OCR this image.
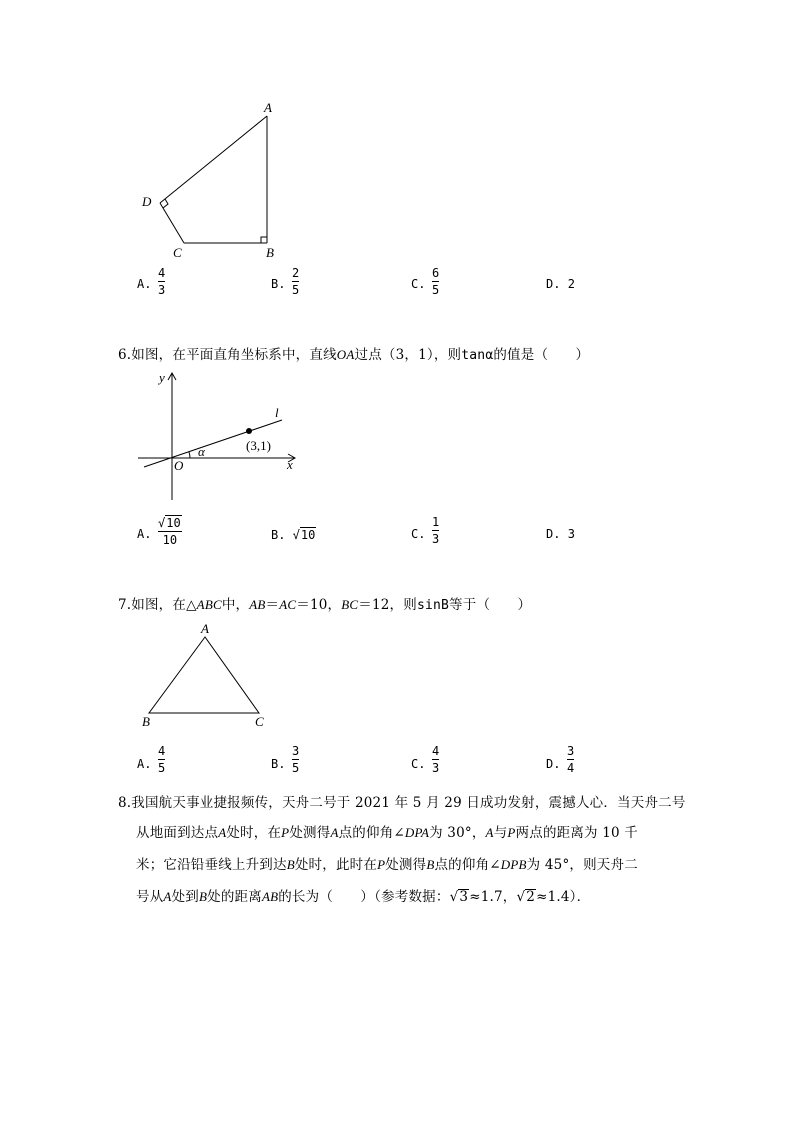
A
B
C
D
A.
4
3	B.
2
5	C.
6
5	D. 2
6.如图，在平面直角坐标系中，直线OA过点（3，1），则tanα的值是（　　）
y
x
O
α
l
(3,1)
A.
√10
10	B. √10	C.
1
3	D. 3
7.如图，在△ABC中，AB＝AC＝10，BC＝12，则sinB等于（　　）
A
B	C
A.
4
5	B.
3
5	C.
4
3	D.
3
4
8.我国航天事业捷报频传，天舟二号于 2021 年 5 月 29 日成功发射，震撼人心．当天舟二号
从地面到达点A处时，在P处测得A点的仰角∠DPA为 30°，A与P两点的距离为 10 千
米；它沿铅垂线上升到达B处时，此时在P处测得B点的仰角∠DPB为 45°，则天舟二
号从A处到B处的距离AB的长为（　　）（参考数据：√3≈1.7，√2≈1.4）．
